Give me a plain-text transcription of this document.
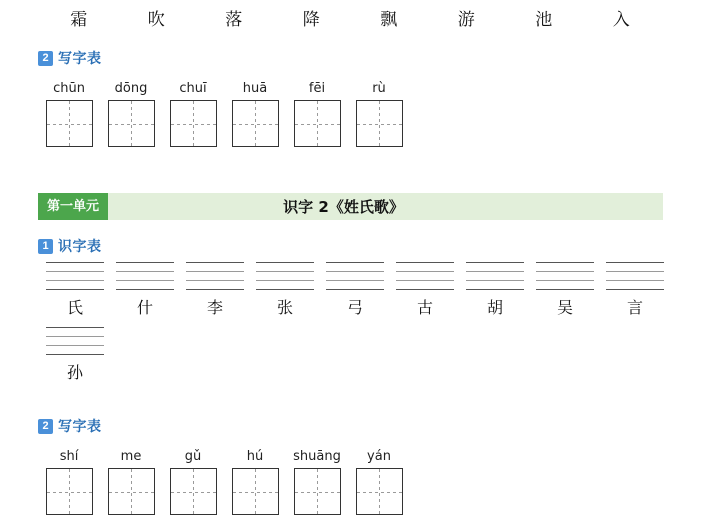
霜	吹	落	降	飘	游	池	入
2 写字表
chūn	dōng	chuī	huā	fēi	rù
第一单元	识字 2《姓氏歌》
1 识字表
氏	什	李	张	弓	古	胡	吴	言
孙
2 写字表
shí	me	gǔ	hú	shuāng	yán
